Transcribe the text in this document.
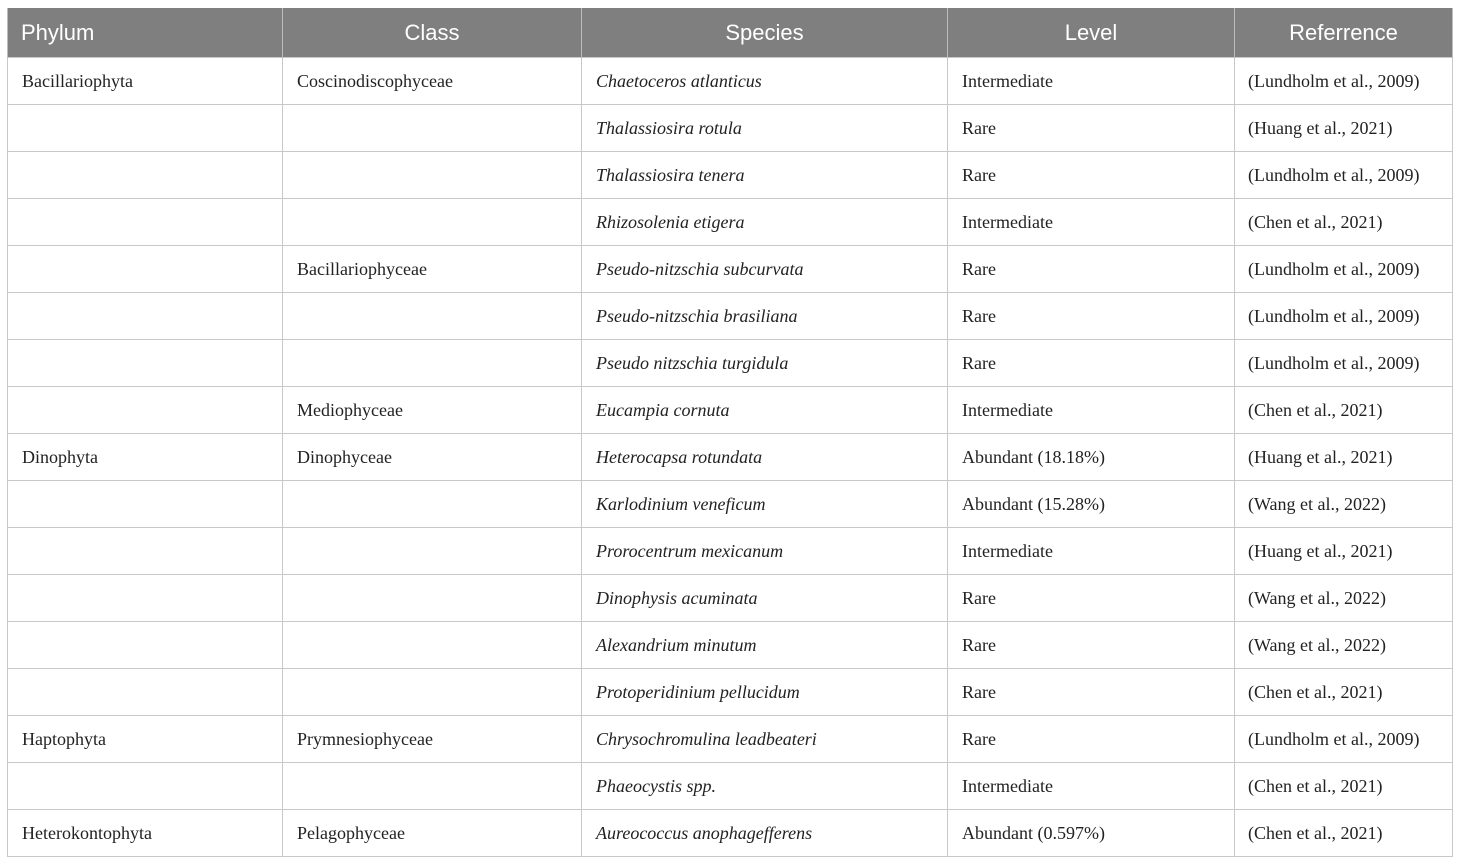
Phylum	Class	Species	Level	Referrence
Bacillariophyta	Coscinodiscophyceae	Chaetoceros atlanticus	Intermediate	(Lundholm et al., 2009)
		Thalassiosira rotula	Rare	(Huang et al., 2021)
		Thalassiosira tenera	Rare	(Lundholm et al., 2009)
		Rhizosolenia etigera	Intermediate	(Chen et al., 2021)
	Bacillariophyceae	Pseudo-nitzschia subcurvata	Rare	(Lundholm et al., 2009)
		Pseudo-nitzschia brasiliana	Rare	(Lundholm et al., 2009)
		Pseudo nitzschia turgidula	Rare	(Lundholm et al., 2009)
	Mediophyceae	Eucampia cornuta	Intermediate	(Chen et al., 2021)
Dinophyta	Dinophyceae	Heterocapsa rotundata	Abundant (18.18%)	(Huang et al., 2021)
		Karlodinium veneficum	Abundant (15.28%)	(Wang et al., 2022)
		Prorocentrum mexicanum	Intermediate	(Huang et al., 2021)
		Dinophysis acuminata	Rare	(Wang et al., 2022)
		Alexandrium minutum	Rare	(Wang et al., 2022)
		Protoperidinium pellucidum	Rare	(Chen et al., 2021)
Haptophyta	Prymnesiophyceae	Chrysochromulina leadbeateri	Rare	(Lundholm et al., 2009)
		Phaeocystis spp.	Intermediate	(Chen et al., 2021)
Heterokontophyta	Pelagophyceae	Aureococcus anophagefferens	Abundant (0.597%)	(Chen et al., 2021)
